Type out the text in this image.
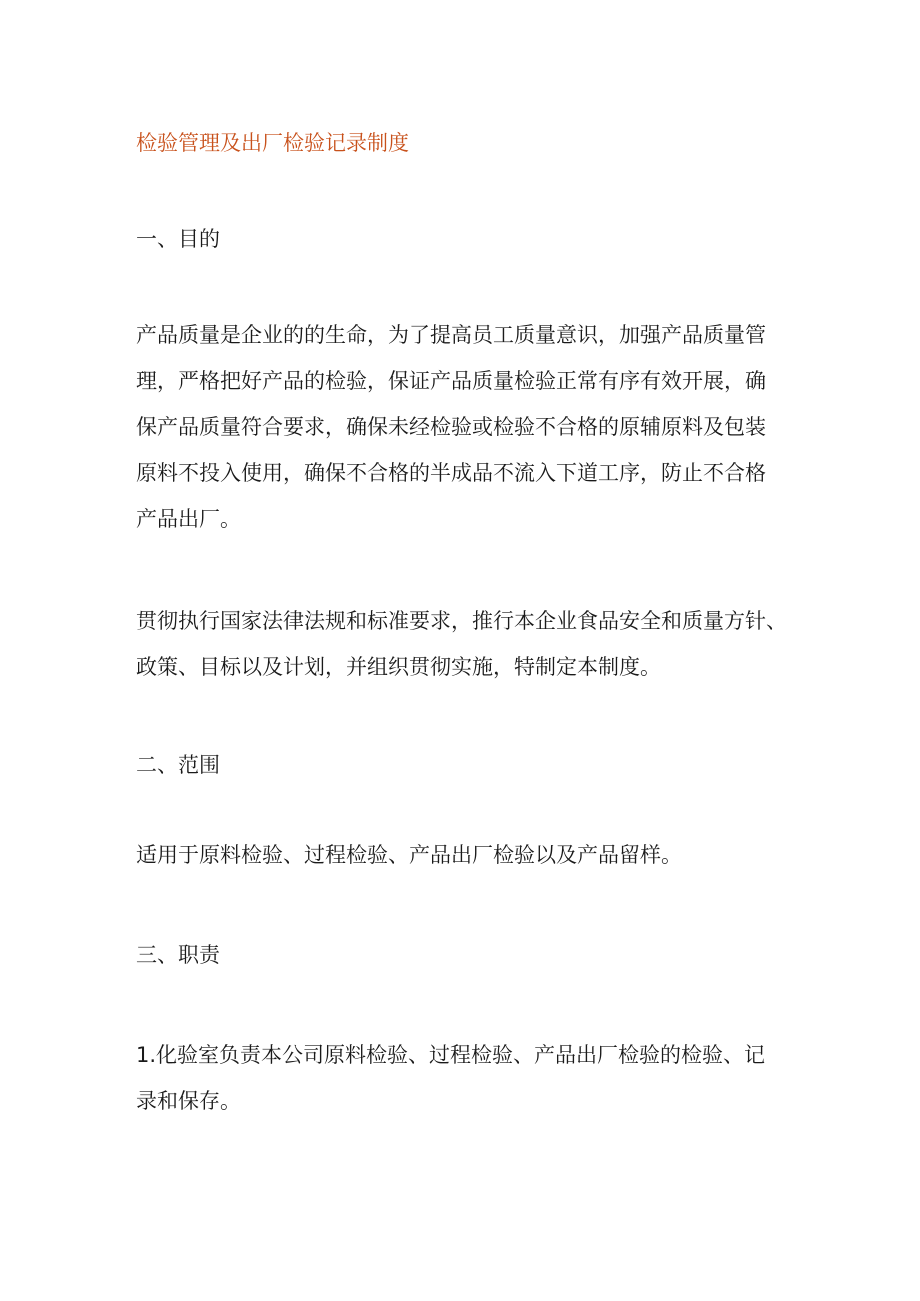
检验管理及出厂检验记录制度
一、目的
产品质量是企业的的生命，为了提高员工质量意识，加强产品质量管
理，严格把好产品的检验，保证产品质量检验正常有序有效开展，确
保产品质量符合要求，确保未经检验或检验不合格的原辅原料及包装
原料不投入使用，确保不合格的半成品不流入下道工序，防止不合格
产品出厂。
贯彻执行国家法律法规和标准要求，推行本企业食品安全和质量方针、
政策、目标以及计划，并组织贯彻实施，特制定本制度。
二、范围
适用于原料检验、过程检验、产品出厂检验以及产品留样。
三、职责
1.化验室负责本公司原料检验、过程检验、产品出厂检验的检验、记
录和保存。
